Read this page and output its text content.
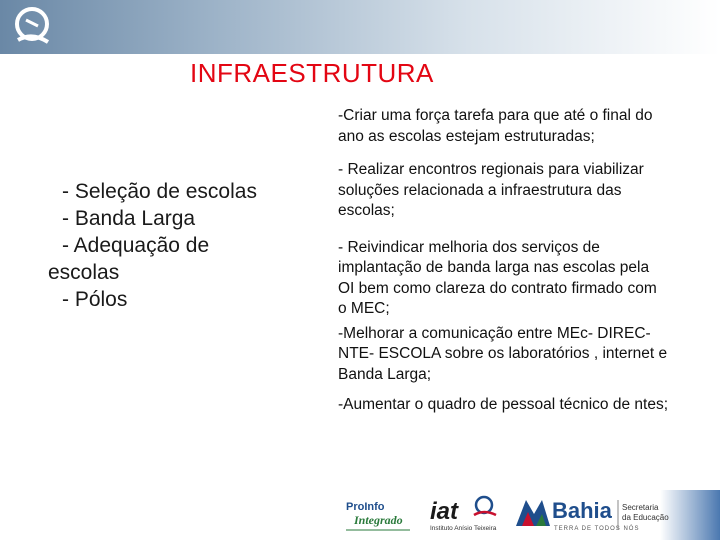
INFRAESTRUTURA

- Seleção de escolas

- Banda Larga

- Adequação de

escolas

- Pólos

-Criar uma força tarefa para que até o final do ano as escolas estejam estruturadas;

- Realizar encontros regionais para viabilizar soluções relacionada a infraestrutura das escolas;

- Reivindicar melhoria dos serviços de implantação de banda larga nas escolas pela OI bem como clareza do contrato firmado com o MEC;

-Melhorar a comunicação entre MEc- DIREC- NTE- ESCOLA sobre os laboratórios , internet e Banda Larga;

-Aumentar o quadro de pessoal técnico de ntes;

ProInfo
Integrado iat
Instituto Anísio Teixeira
Bahia
TERRA DE TODOS NÓS
Secretaria
da Educação
